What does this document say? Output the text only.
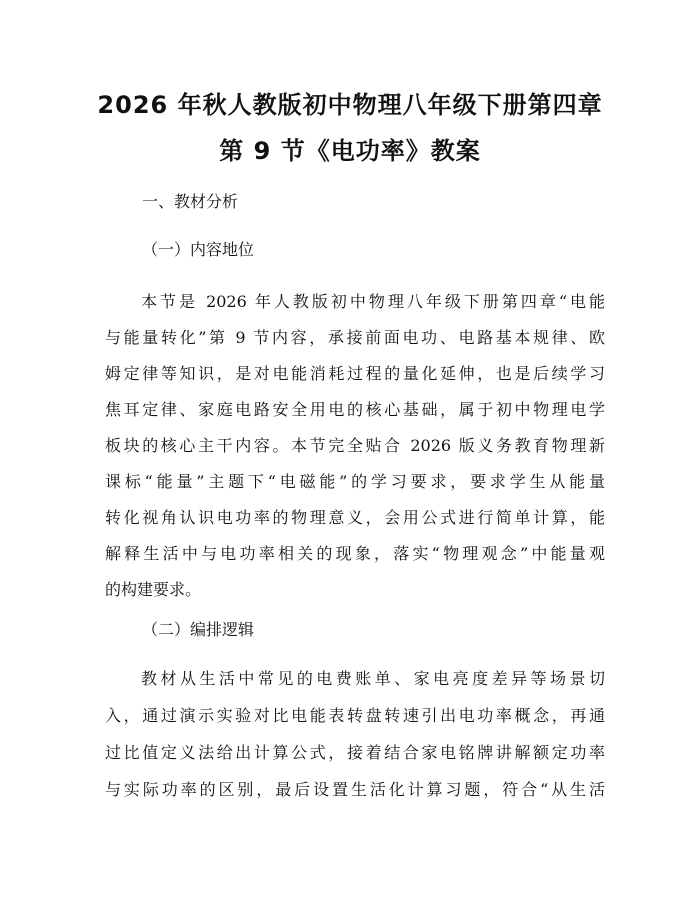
2026 年秋人教版初中物理八年级下册第四章
第 9 节《电功率》教案
一、教材分析
（一）内容地位
本节是 2026 年人教版初中物理八年级下册第四章“电能
与能量转化”第 9 节内容，承接前面电功、电路基本规律、欧
姆定律等知识，是对电能消耗过程的量化延伸，也是后续学习
焦耳定律、家庭电路安全用电的核心基础，属于初中物理电学
板块的核心主干内容。本节完全贴合 2026 版义务教育物理新
课标“能量”主题下“电磁能”的学习要求，要求学生从能量
转化视角认识电功率的物理意义，会用公式进行简单计算，能
解释生活中与电功率相关的现象，落实“物理观念”中能量观
的构建要求。
（二）编排逻辑
教材从生活中常见的电费账单、家电亮度差异等场景切
入，通过演示实验对比电能表转盘转速引出电功率概念，再通
过比值定义法给出计算公式，接着结合家电铭牌讲解额定功率
与实际功率的区别，最后设置生活化计算习题，符合“从生活
